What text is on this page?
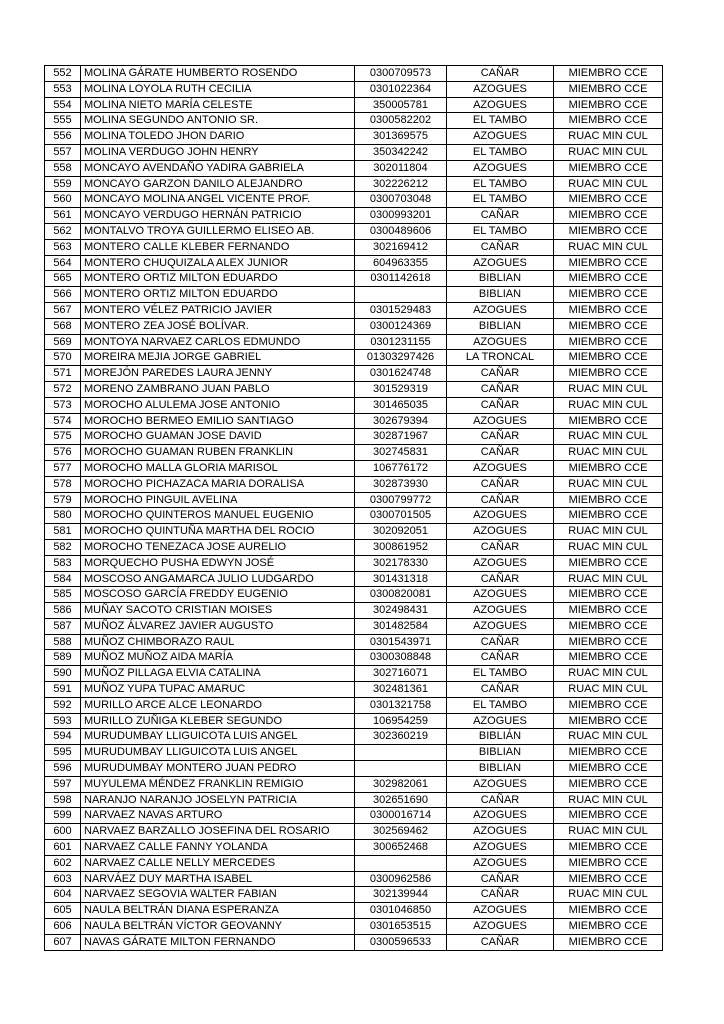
552	MOLINA GÁRATE HUMBERTO ROSENDO	0300709573	CAÑAR	MIEMBRO CCE
553	MOLINA LOYOLA RUTH CECILIA	0301022364	AZOGUES	MIEMBRO CCE
554	MOLINA NIETO MARÍA CELESTE	350005781	AZOGUES	MIEMBRO CCE
555	MOLINA SEGUNDO ANTONIO SR.	0300582202	EL TAMBO	MIEMBRO CCE
556	MOLINA TOLEDO JHON DARIO	301369575	AZOGUES	RUAC MIN CUL
557	MOLINA VERDUGO JOHN HENRY	350342242	EL TAMBO	RUAC MIN CUL
558	MONCAYO AVENDAÑO YADIRA GABRIELA	302011804	AZOGUES	MIEMBRO CCE
559	MONCAYO GARZON DANILO ALEJANDRO	302226212	EL TAMBO	RUAC MIN CUL
560	MONCAYO MOLINA ANGEL VICENTE PROF.	0300703048	EL TAMBO	MIEMBRO CCE
561	MONCAYO VERDUGO HERNÁN PATRICIO	0300993201	CAÑAR	MIEMBRO CCE
562	MONTALVO TROYA GUILLERMO ELISEO AB.	0300489606	EL TAMBO	MIEMBRO CCE
563	MONTERO CALLE KLEBER FERNANDO	302169412	CAÑAR	RUAC MIN CUL
564	MONTERO CHUQUIZALA ALEX JUNIOR	604963355	AZOGUES	MIEMBRO CCE
565	MONTERO ORTIZ MILTON EDUARDO	0301142618	BIBLIAN	MIEMBRO CCE
566	MONTERO ORTIZ MILTON EDUARDO		BIBLIAN	MIEMBRO CCE
567	MONTERO VÉLEZ PATRICIO JAVIER	0301529483	AZOGUES	MIEMBRO CCE
568	MONTERO ZEA JOSÉ BOLÍVAR.	0300124369	BIBLIAN	MIEMBRO CCE
569	MONTOYA NARVAEZ CARLOS EDMUNDO	0301231155	AZOGUES	MIEMBRO CCE
570	MOREIRA MEJIA JORGE GABRIEL	01303297426	LA TRONCAL	MIEMBRO CCE
571	MOREJÓN PAREDES LAURA JENNY	0301624748	CAÑAR	MIEMBRO CCE
572	MORENO ZAMBRANO JUAN PABLO	301529319	CAÑAR	RUAC MIN CUL
573	MOROCHO ALULEMA JOSE ANTONIO	301465035	CAÑAR	RUAC MIN CUL
574	MOROCHO BERMEO EMILIO SANTIAGO	302679394	AZOGUES	MIEMBRO CCE
575	MOROCHO GUAMAN JOSE DAVID	302871967	CAÑAR	RUAC MIN CUL
576	MOROCHO GUAMAN RUBEN FRANKLIN	302745831	CAÑAR	RUAC MIN CUL
577	MOROCHO MALLA GLORIA MARISOL	106776172	AZOGUES	MIEMBRO CCE
578	MOROCHO PICHAZACA MARIA DORALISA	302873930	CAÑAR	RUAC MIN CUL
579	MOROCHO PINGUIL AVELINA	0300799772	CAÑAR	MIEMBRO CCE
580	MOROCHO QUINTEROS MANUEL EUGENIO	0300701505	AZOGUES	MIEMBRO CCE
581	MOROCHO QUINTUÑA MARTHA DEL ROCIO	302092051	AZOGUES	RUAC MIN CUL
582	MOROCHO TENEZACA JOSE AURELIO	300861952	CAÑAR	RUAC MIN CUL
583	MORQUECHO PUSHA EDWYN JOSÉ	302178330	AZOGUES	MIEMBRO CCE
584	MOSCOSO ANGAMARCA JULIO LUDGARDO	301431318	CAÑAR	RUAC MIN CUL
585	MOSCOSO GARCÍA FREDDY EUGENIO	0300820081	AZOGUES	MIEMBRO CCE
586	MUÑAY SACOTO CRISTIAN MOISES	302498431	AZOGUES	MIEMBRO CCE
587	MUÑOZ ÁLVAREZ JAVIER AUGUSTO	301482584	AZOGUES	MIEMBRO CCE
588	MUÑOZ CHIMBORAZO RAUL	0301543971	CAÑAR	MIEMBRO CCE
589	MUÑOZ MUÑOZ AIDA MARÍA	0300308848	CAÑAR	MIEMBRO CCE
590	MUÑOZ PILLAGA ELVIA CATALINA	302716071	EL TAMBO	RUAC MIN CUL
591	MUÑOZ YUPA TUPAC AMARUC	302481361	CAÑAR	RUAC MIN CUL
592	MURILLO ARCE ALCE LEONARDO	0301321758	EL TAMBO	MIEMBRO CCE
593	MURILLO ZUÑIGA KLEBER SEGUNDO	106954259	AZOGUES	MIEMBRO CCE
594	MURUDUMBAY LLIGUICOTA LUIS ANGEL	302360219	BIBLIÁN	RUAC MIN CUL
595	MURUDUMBAY LLIGUICOTA LUIS ANGEL		BIBLIAN	MIEMBRO CCE
596	MURUDUMBAY MONTERO JUAN PEDRO		BIBLIAN	MIEMBRO CCE
597	MUYULEMA MÉNDEZ FRANKLIN REMIGIO	302982061	AZOGUES	MIEMBRO CCE
598	NARANJO NARANJO JOSELYN PATRICIA	302651690	CAÑAR	RUAC MIN CUL
599	NARVAEZ NAVAS ARTURO	0300016714	AZOGUES	MIEMBRO CCE
600	NARVAEZ BARZALLO JOSEFINA DEL ROSARIO	302569462	AZOGUES	RUAC MIN CUL
601	NARVAEZ CALLE FANNY YOLANDA	300652468	AZOGUES	MIEMBRO CCE
602	NARVAEZ CALLE NELLY MERCEDES		AZOGUES	MIEMBRO CCE
603	NARVÁEZ DUY MARTHA ISABEL	0300962586	CAÑAR	MIEMBRO CCE
604	NARVAEZ SEGOVIA WALTER FABIAN	302139944	CAÑAR	RUAC MIN CUL
605	NAULA BELTRÁN DIANA ESPERANZA	0301046850	AZOGUES	MIEMBRO CCE
606	NAULA BELTRÁN VÍCTOR GEOVANNY	0301653515	AZOGUES	MIEMBRO CCE
607	NAVAS GÁRATE MILTON FERNANDO	0300596533	CAÑAR	MIEMBRO CCE
